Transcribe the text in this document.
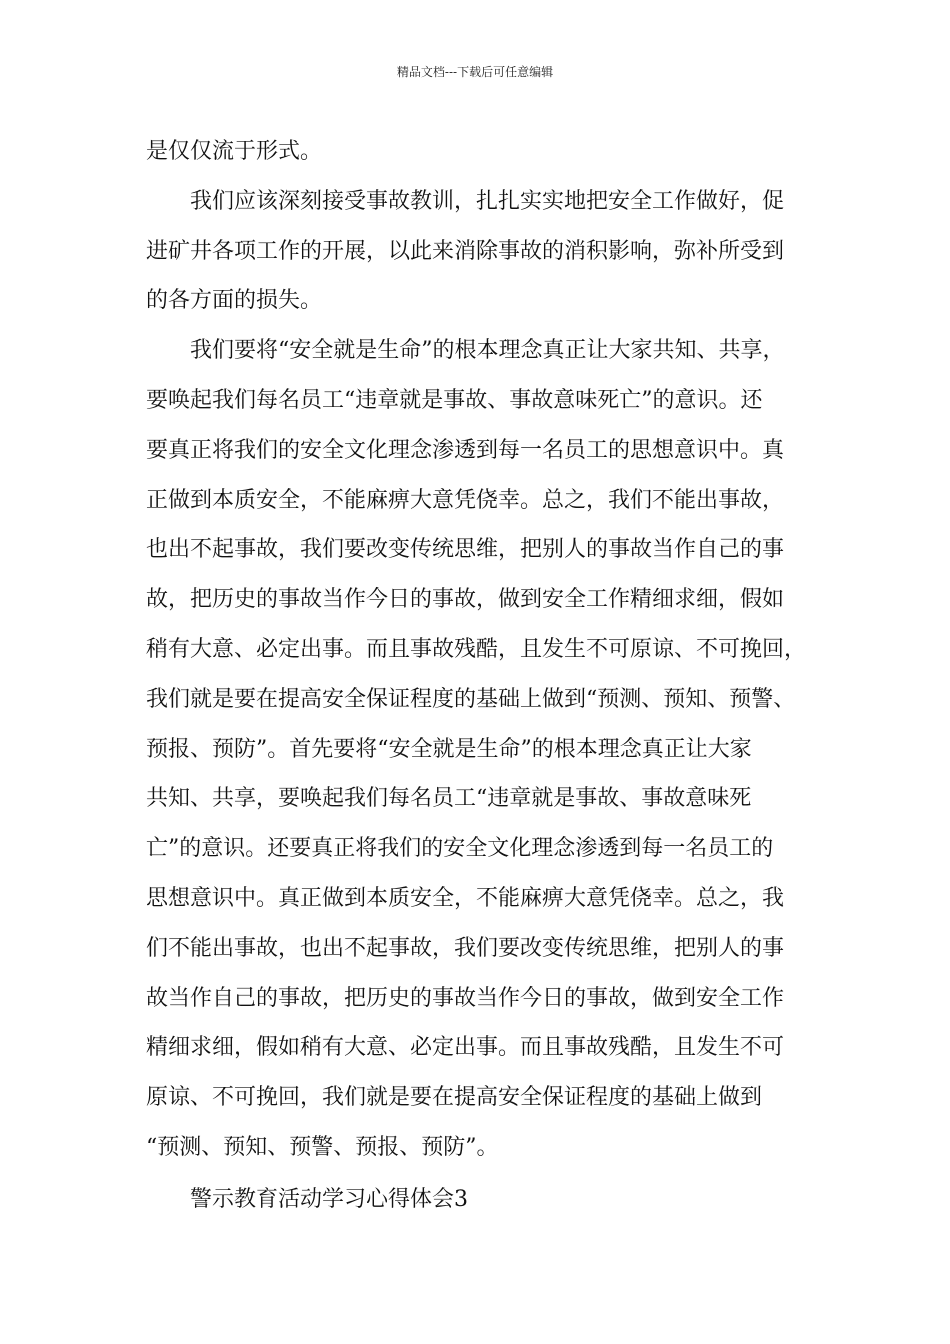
精品文档---下载后可任意编辑
是仅仅流于形式。
我们应该深刻接受事故教训，扎扎实实地把安全工作做好，促
进矿井各项工作的开展，以此来消除事故的消积影响，弥补所受到
的各方面的损失。
我们要将“安全就是生命”的根本理念真正让大家共知、共享，
要唤起我们每名员工“违章就是事故、事故意味死亡”的意识。还
要真正将我们的安全文化理念渗透到每一名员工的思想意识中。真
正做到本质安全，不能麻痹大意凭侥幸。总之，我们不能出事故，
也出不起事故，我们要改变传统思维，把别人的事故当作自己的事
故，把历史的事故当作今日的事故，做到安全工作精细求细，假如
稍有大意、必定出事。而且事故残酷，且发生不可原谅、不可挽回，
我们就是要在提高安全保证程度的基础上做到“预测、预知、预警、
预报、预防”。首先要将“安全就是生命”的根本理念真正让大家
共知、共享，要唤起我们每名员工“违章就是事故、事故意味死
亡”的意识。还要真正将我们的安全文化理念渗透到每一名员工的
思想意识中。真正做到本质安全，不能麻痹大意凭侥幸。总之，我
们不能出事故，也出不起事故，我们要改变传统思维，把别人的事
故当作自己的事故，把历史的事故当作今日的事故，做到安全工作
精细求细，假如稍有大意、必定出事。而且事故残酷，且发生不可
原谅、不可挽回，我们就是要在提高安全保证程度的基础上做到
“预测、预知、预警、预报、预防”。
警示教育活动学习心得体会3
